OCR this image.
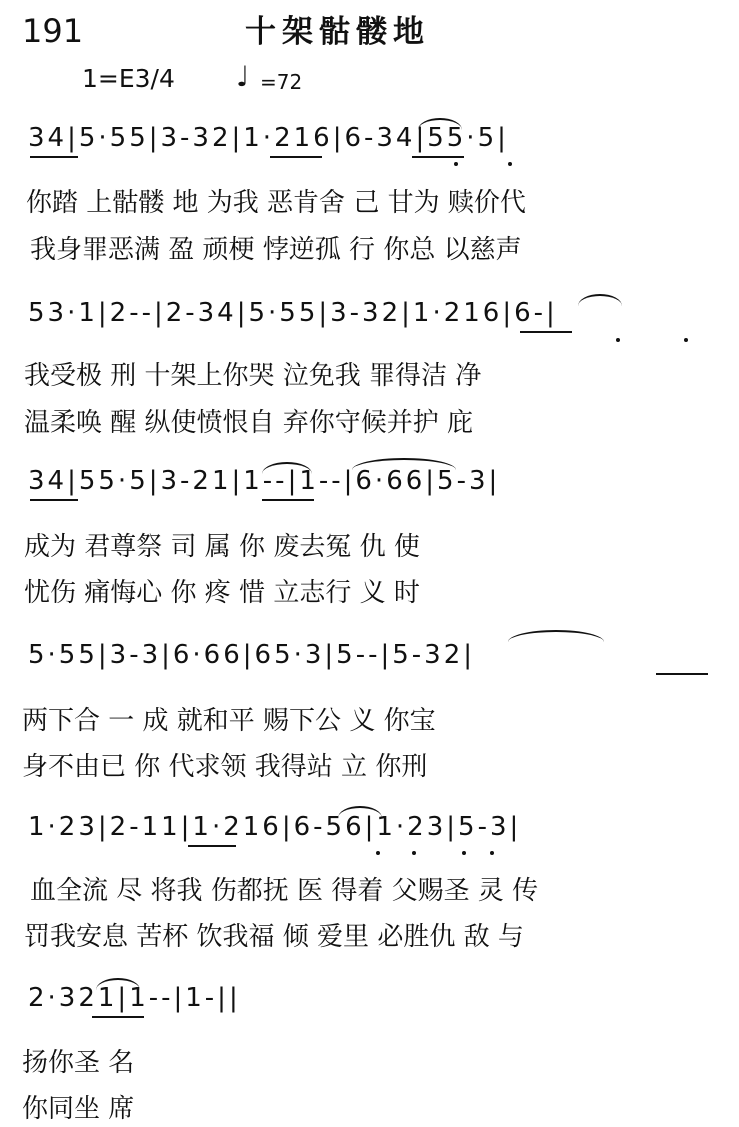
191	十架骷髅地
1=E3/4 ♩ =72
34|5·55|3-32|1·216|6-34|55·5|
你踏 上骷髅 地 为我 恶肯舍 己 甘为 赎价代
我身罪恶满 盈 顽梗 悖逆孤 行 你总 以慈声
53·1|2--|2-34|5·55|3-32|1·216|6-|
我受极 刑 十架上你哭 泣免我 罪得洁 净
温柔唤 醒 纵使愤恨自 弃你守候并护 庇
34|55·5|3-21|1--|1--|6·66|5-3|
成为 君尊祭 司 属 你 废去冤 仇 使
忧伤 痛悔心 你 疼 惜 立志行 义 时
5·55|3-3|6·66|65·3|5--|5-32|
两下合 一 成 就和平 赐下公 义 你宝
身不由已 你 代求领 我得站 立 你刑
1·23|2-11|1·216|6-56|1·23|5-3|
血全流 尽 将我 伤都抚 医 得着 父赐圣 灵 传
罚我安息 苦杯 饮我福 倾 爱里 必胜仇 敌 与
2·321|1--|1-||
扬你圣 名
你同坐 席
